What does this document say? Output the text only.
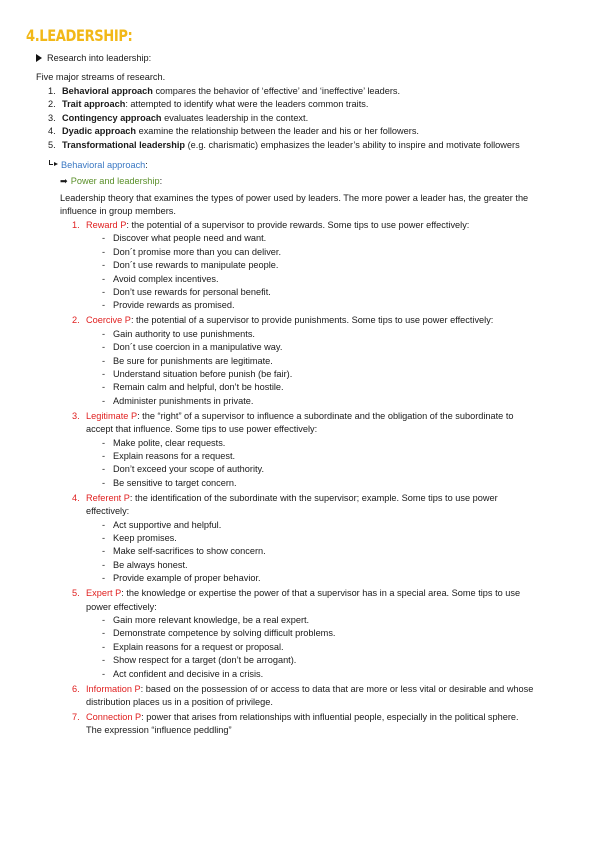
4.LEADERSHIP:
Research into leadership:
Five major streams of research.
1. Behavioral approach compares the behavior of ‘effective’ and ‘ineffective’ leaders.
2. Trait approach: attempted to identify what were the leaders common traits.
3. Contingency approach evaluates leadership in the context.
4. Dyadic approach examine the relationship between the leader and his or her followers.
5. Transformational leadership (e.g. charismatic) emphasizes the leader’s ability to inspire and motivate followers
Behavioral approach:
➡ Power and leadership:
Leadership theory that examines the types of power used by leaders. The more power a leader has, the greater the
influence in group members.
1. Reward P: the potential of a supervisor to provide rewards. Some tips to use power effectively:
- Discover what people need and want.
- Don´t promise more than you can deliver.
- Don´t use rewards to manipulate people.
- Avoid complex incentives.
- Don’t use rewards for personal benefit.
- Provide rewards as promised.
2. Coercive P: the potential of a supervisor to provide punishments. Some tips to use power effectively:
- Gain authority to use punishments.
- Don´t use coercion in a manipulative way.
- Be sure for punishments are legitimate.
- Understand situation before punish (be fair).
- Remain calm and helpful, don’t be hostile.
- Administer punishments in private.
3. Legitimate P: the “right” of a supervisor to influence a subordinate and the obligation of the subordinate to
accept that influence. Some tips to use power effectively:
- Make polite, clear requests.
- Explain reasons for a request.
- Don’t exceed your scope of authority.
- Be sensitive to target concern.
4. Referent P: the identification of the subordinate with the supervisor; example. Some tips to use power
effectively:
- Act supportive and helpful.
- Keep promises.
- Make self-sacrifices to show concern.
- Be always honest.
- Provide example of proper behavior.
5. Expert P: the knowledge or expertise the power of that a supervisor has in a special area. Some tips to use
power effectively:
- Gain more relevant knowledge, be a real expert.
- Demonstrate competence by solving difficult problems.
- Explain reasons for a request or proposal.
- Show respect for a target (don’t be arrogant).
- Act confident and decisive in a crisis.
6. Information P: based on the possession of or access to data that are more or less vital or desirable and whose
distribution places us in a position of privilege.
7. Connection P: power that arises from relationships with influential people, especially in the political sphere.
The expression “influence peddling”
